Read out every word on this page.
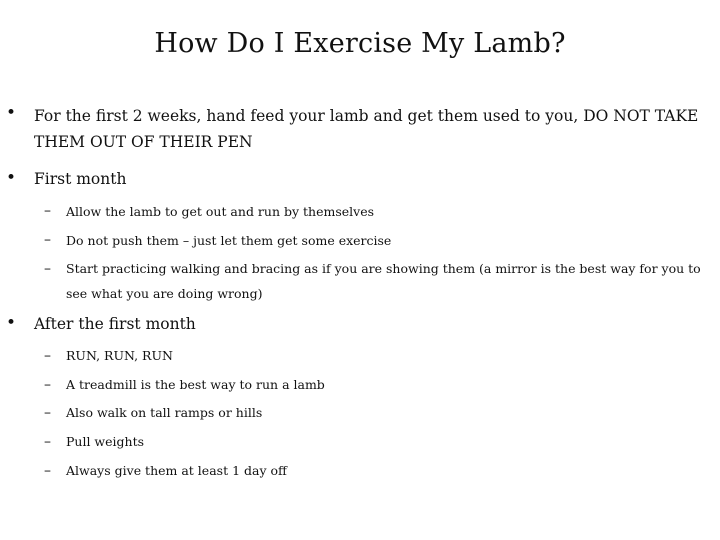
How Do I Exercise My Lamb?
• For the first 2 weeks, hand feed your lamb and get them used to you, DO NOT TAKE THEM OUT OF THEIR PEN
• First month
– Allow the lamb to get out and run by themselves
– Do not push them – just let them get some exercise
– Start practicing walking and bracing as if you are showing them (a mirror is the best way for you to see what you are doing wrong)
• After the first month
– RUN, RUN, RUN
– A treadmill is the best way to run a lamb
– Also walk on tall ramps or hills
– Pull weights
– Always give them at least 1 day off
